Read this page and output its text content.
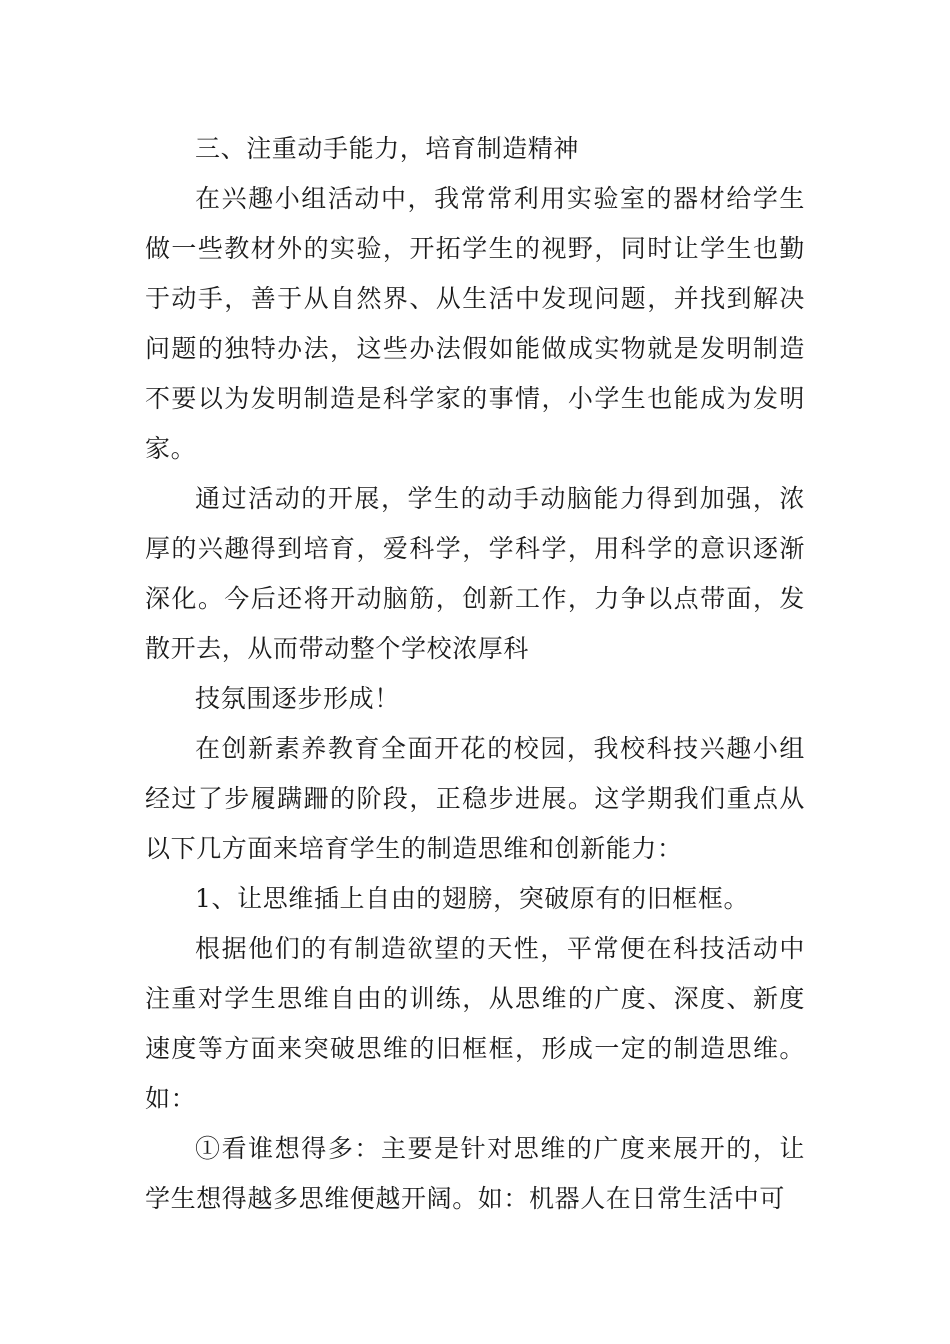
三、注重动手能力，培育制造精神

在兴趣小组活动中，我常常利用实验室的器材给学生做一些教材外的实验，开拓学生的视野，同时让学生也勤于动手，善于从自然界、从生活中发现问题，并找到解决问题的独特办法，这些办法假如能做成实物就是发明制造不要以为发明制造是科学家的事情，小学生也能成为发明家。

通过活动的开展，学生的动手动脑能力得到加强，浓厚的兴趣得到培育，爱科学，学科学，用科学的意识逐渐深化。今后还将开动脑筋，创新工作，力争以点带面，发散开去，从而带动整个学校浓厚科

技氛围逐步形成！

在创新素养教育全面开花的校园，我校科技兴趣小组经过了步履蹒跚的阶段，正稳步进展。这学期我们重点从以下几方面来培育学生的制造思维和创新能力：

1、让思维插上自由的翅膀，突破原有的旧框框。

根据他们的有制造欲望的天性，平常便在科技活动中注重对学生思维自由的训练，从思维的广度、深度、新度速度等方面来突破思维的旧框框，形成一定的制造思维。如：

①看谁想得多：主要是针对思维的广度来展开的，让学生想得越多思维便越开阔。如：机器人在日常生活中可
